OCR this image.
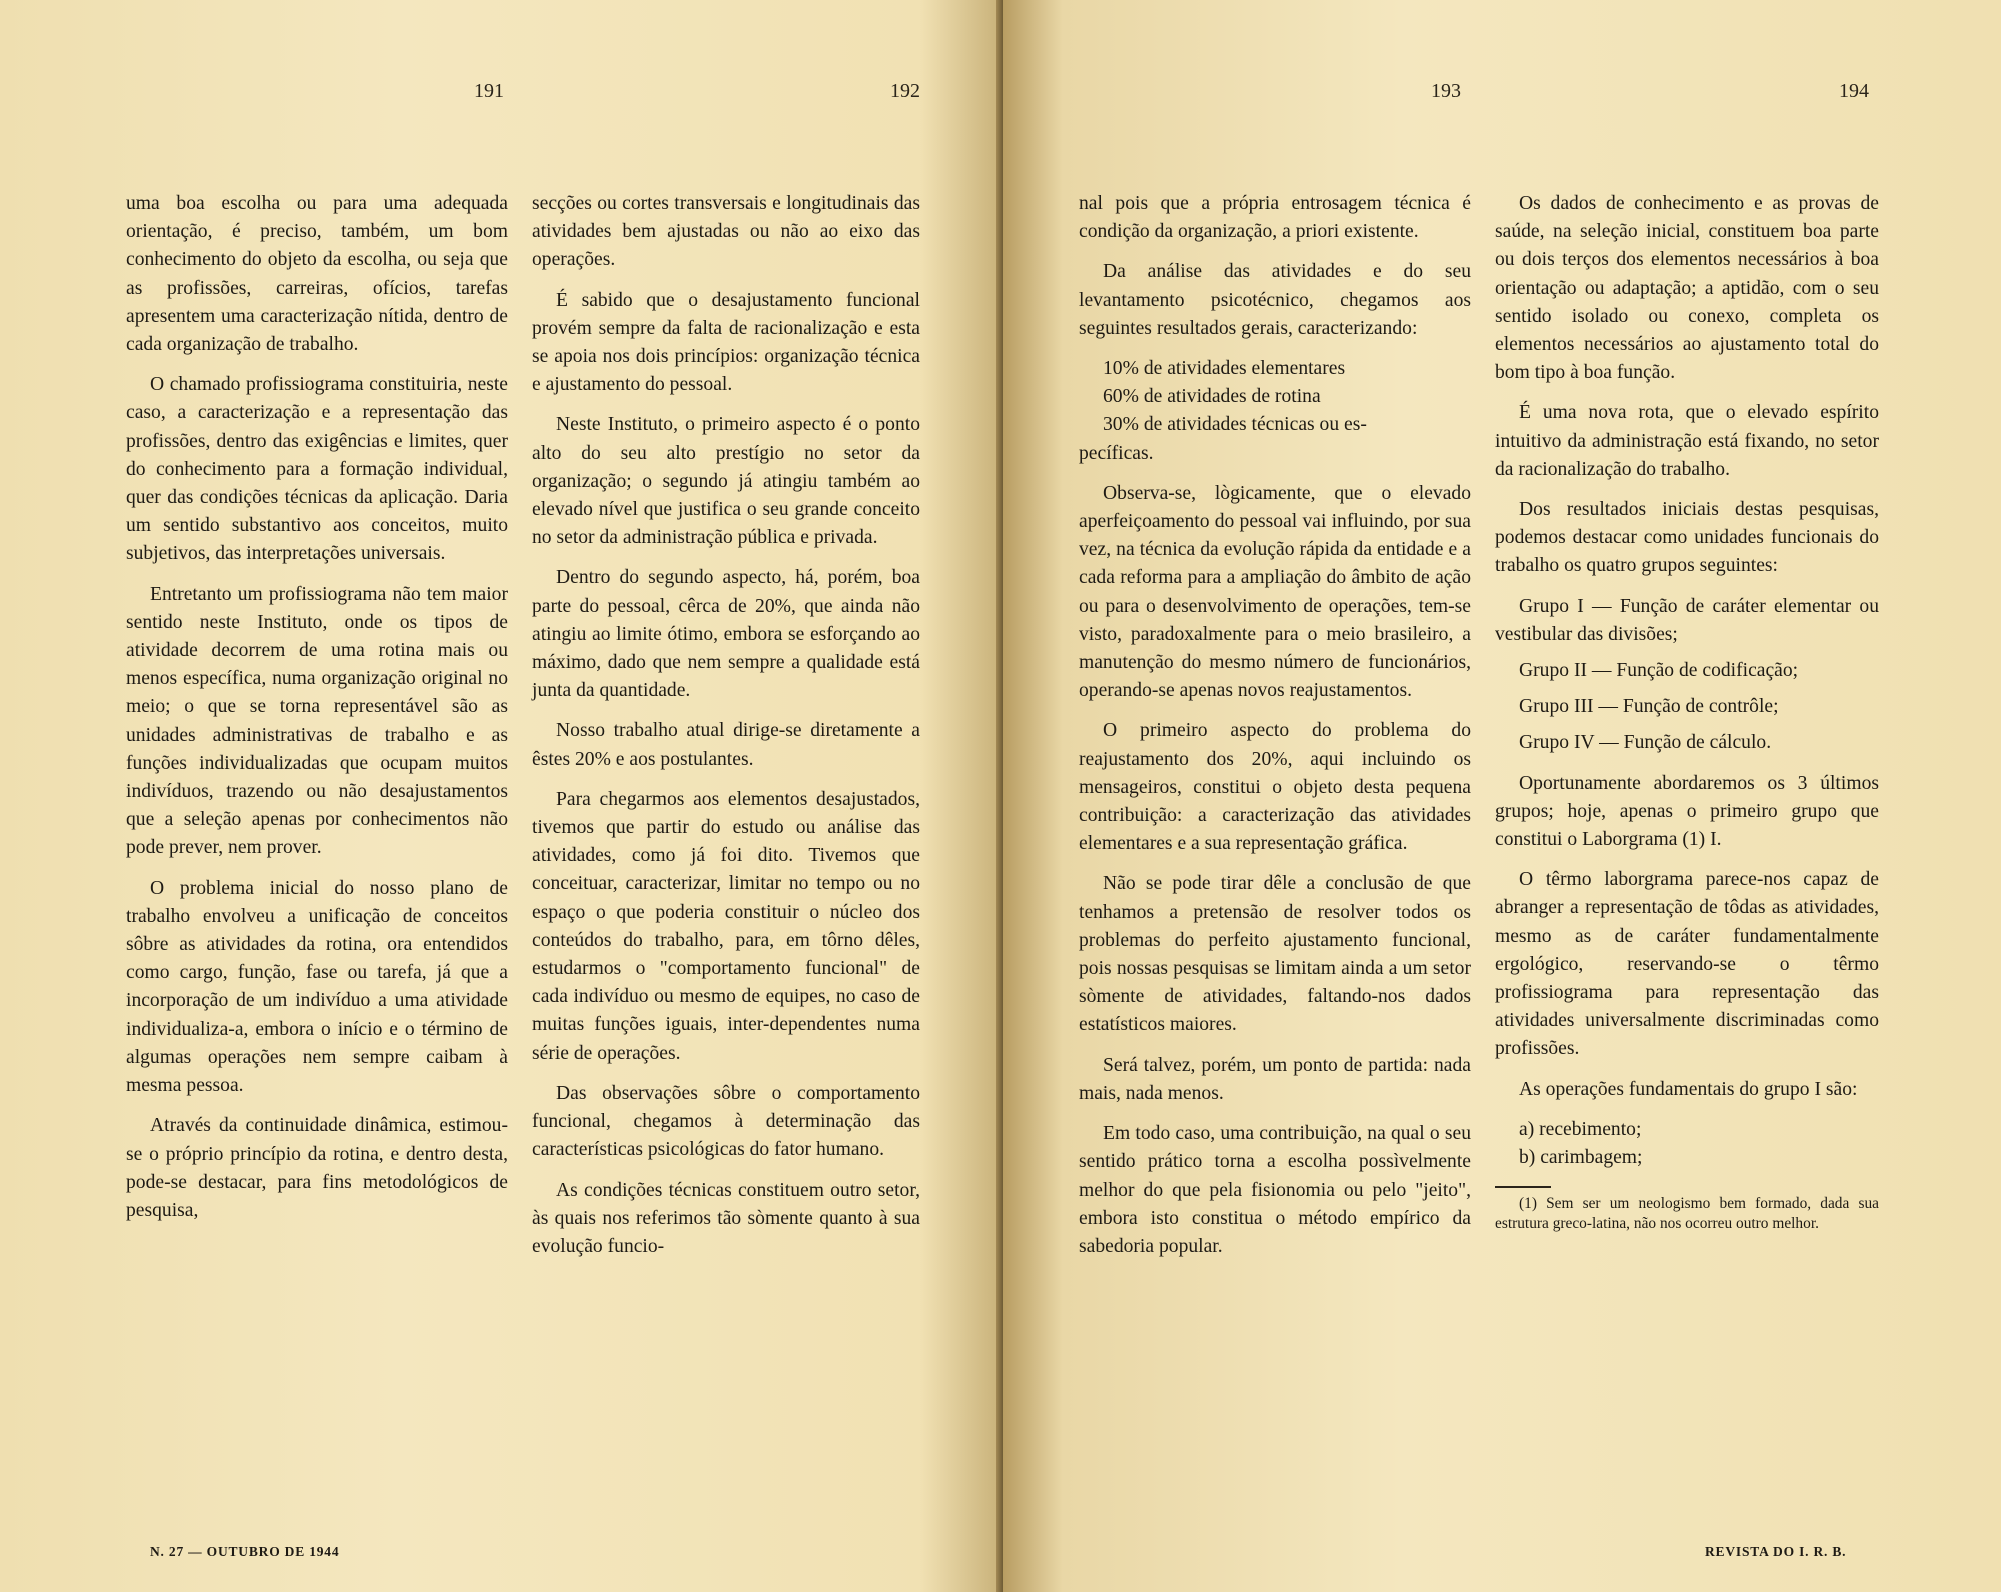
191	192

uma boa escolha ou para uma adequada orientação, é preciso, também, um bom conhecimento do objeto da escolha, ou seja que as profissões, carreiras, ofícios, tarefas apresentem uma caracterização nítida, dentro de cada organização de trabalho.

O chamado profissiograma constituiria, neste caso, a caracterização e a representação das profissões, dentro das exigências e limites, quer do conhecimento para a formação individual, quer das condições técnicas da aplicação. Daria um sentido substantivo aos conceitos, muito subjetivos, das interpretações universais.

Entretanto um profissiograma não tem maior sentido neste Instituto, onde os tipos de atividade decorrem de uma rotina mais ou menos específica, numa organização original no meio; o que se torna representável são as unidades administrativas de trabalho e as funções individualizadas que ocupam muitos indivíduos, trazendo ou não desajustamentos que a seleção apenas por conhecimentos não pode prever, nem prover.

O problema inicial do nosso plano de trabalho envolveu a unificação de conceitos sôbre as atividades da rotina, ora entendidos como cargo, função, fase ou tarefa, já que a incorporação de um indivíduo a uma atividade individualiza-a, embora o início e o término de algumas operações nem sempre caibam à mesma pessoa.

Através da continuidade dinâmica, estimou-se o próprio princípio da rotina, e dentro desta, pode-se destacar, para fins metodológicos de pesquisa,

secções ou cortes transversais e longitudinais das atividades bem ajustadas ou não ao eixo das operações.

É sabido que o desajustamento funcional provém sempre da falta de racionalização e esta se apoia nos dois princípios: organização técnica e ajustamento do pessoal.

Neste Instituto, o primeiro aspecto é o ponto alto do seu alto prestígio no setor da organização; o segundo já atingiu também ao elevado nível que justifica o seu grande conceito no setor da administração pública e privada.

Dentro do segundo aspecto, há, porém, boa parte do pessoal, cêrca de 20%, que ainda não atingiu ao limite ótimo, embora se esforçando ao máximo, dado que nem sempre a qualidade está junta da quantidade.

Nosso trabalho atual dirige-se diretamente a êstes 20% e aos postulantes.

Para chegarmos aos elementos desajustados, tivemos que partir do estudo ou análise das atividades, como já foi dito. Tivemos que conceituar, caracterizar, limitar no tempo ou no espaço o que poderia constituir o núcleo dos conteúdos do trabalho, para, em tôrno dêles, estudarmos o "comportamento funcional" de cada indivíduo ou mesmo de equipes, no caso de muitas funções iguais, inter-dependentes numa série de operações.

Das observações sôbre o comportamento funcional, chegamos à determinação das características psicológicas do fator humano.

As condições técnicas constituem outro setor, às quais nos referimos tão sòmente quanto à sua evolução funcio-

N. 27 — OUTUBRO DE 1944
193	194

nal pois que a própria entrosagem técnica é condição da organização, a priori existente.

Da análise das atividades e do seu levantamento psicotécnico, chegamos aos seguintes resultados gerais, caracterizando:

10% de atividades elementares

60% de atividades de rotina

30% de atividades técnicas ou es-

pecíficas.

Observa-se, lògicamente, que o elevado aperfeiçoamento do pessoal vai influindo, por sua vez, na técnica da evolução rápida da entidade e a cada reforma para a ampliação do âmbito de ação ou para o desenvolvimento de operações, tem-se visto, paradoxalmente para o meio brasileiro, a manutenção do mesmo número de funcionários, operando-se apenas novos reajustamentos.

O primeiro aspecto do problema do reajustamento dos 20%, aqui incluindo os mensageiros, constitui o objeto desta pequena contribuição: a caracterização das atividades elementares e a sua representação gráfica.

Não se pode tirar dêle a conclusão de que tenhamos a pretensão de resolver todos os problemas do perfeito ajustamento funcional, pois nossas pesquisas se limitam ainda a um setor sòmente de atividades, faltando-nos dados estatísticos maiores.

Será talvez, porém, um ponto de partida: nada mais, nada menos.

Em todo caso, uma contribuição, na qual o seu sentido prático torna a escolha possìvelmente melhor do que pela fisionomia ou pelo "jeito", embora isto constitua o método empírico da sabedoria popular.

Os dados de conhecimento e as provas de saúde, na seleção inicial, constituem boa parte ou dois terços dos elementos necessários à boa orientação ou adaptação; a aptidão, com o seu sentido isolado ou conexo, completa os elementos necessários ao ajustamento total do bom tipo à boa função.

É uma nova rota, que o elevado espírito intuitivo da administração está fixando, no setor da racionalização do trabalho.

Dos resultados iniciais destas pesquisas, podemos destacar como unidades funcionais do trabalho os quatro grupos seguintes:

Grupo I — Função de caráter elementar ou vestibular das divisões;

Grupo II — Função de codificação;

Grupo III — Função de contrôle;

Grupo IV — Função de cálculo.

Oportunamente abordaremos os 3 últimos grupos; hoje, apenas o primeiro grupo que constitui o Laborgrama (1) I.

O têrmo laborgrama parece-nos capaz de abranger a representação de tôdas as atividades, mesmo as de caráter fundamentalmente ergológico, reservando-se o têrmo profissiograma para representação das atividades universalmente discriminadas como profissões.

As operações fundamentais do grupo I são:

a) recebimento;

b) carimbagem;

(1) Sem ser um neologismo bem formado, dada sua estrutura greco-latina, não nos ocorreu outro melhor.

REVISTA DO I. R. B.
